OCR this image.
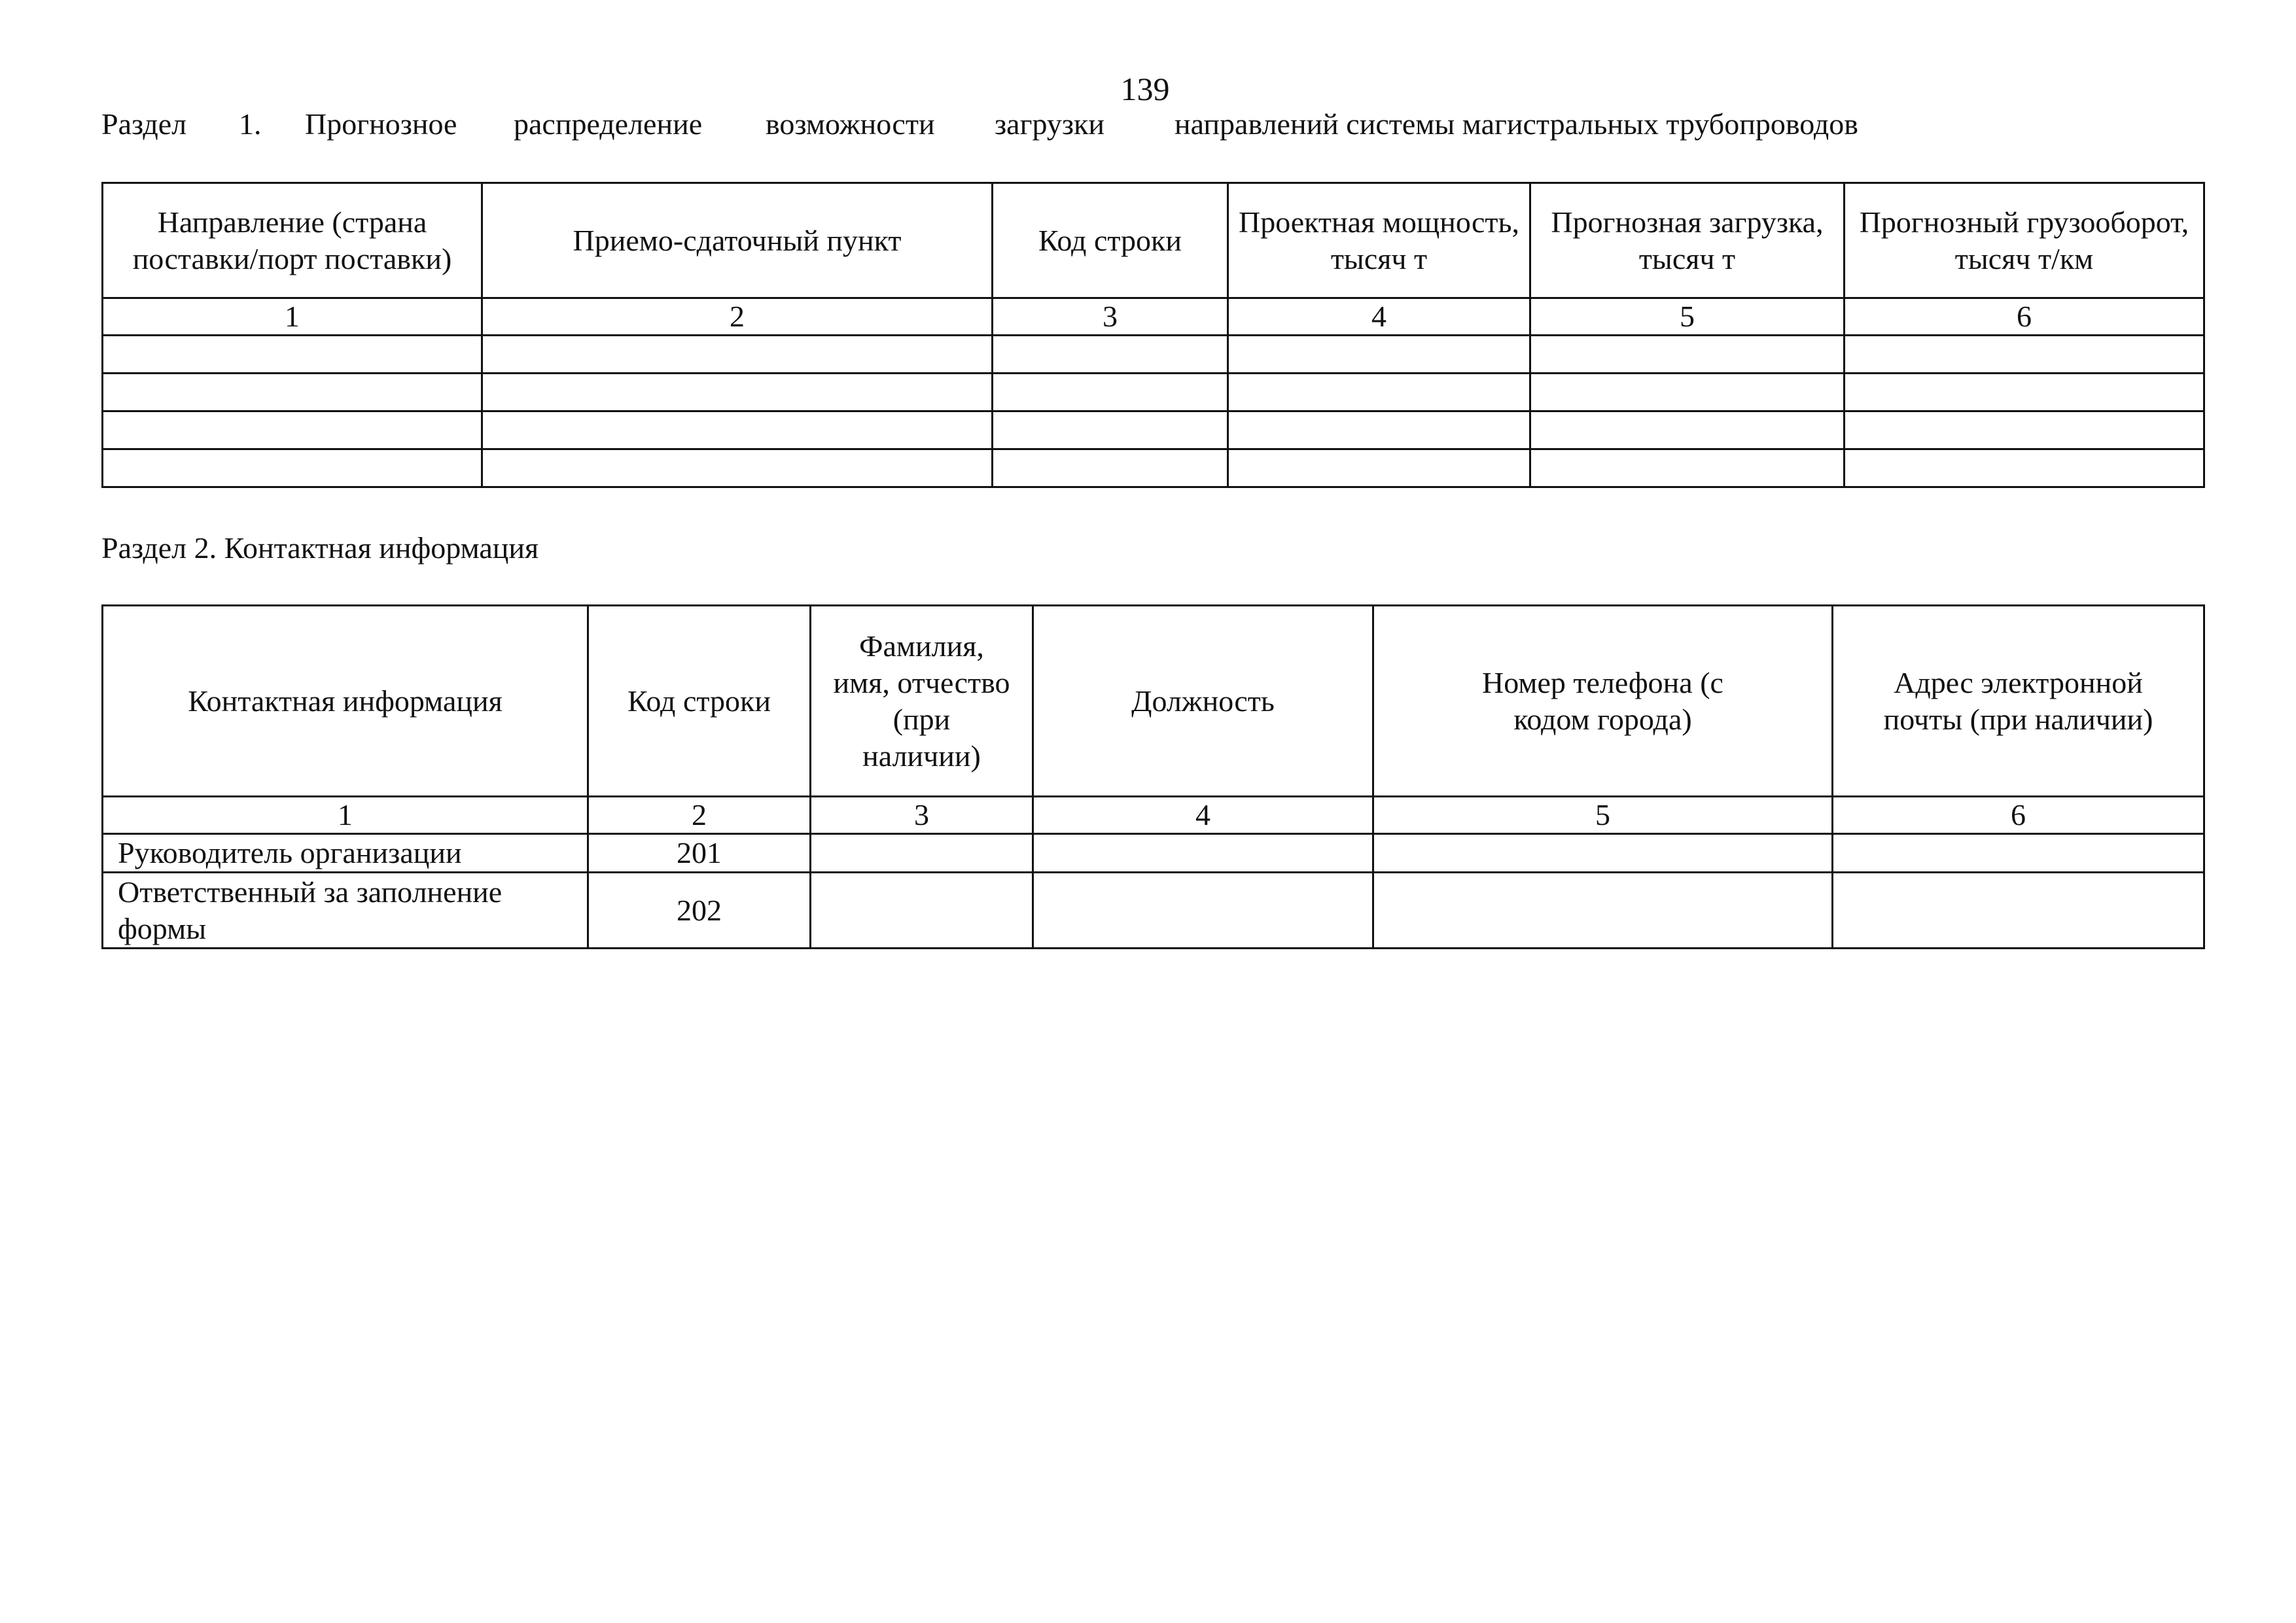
139
Раздел 1. Прогнозное распределение возможности загрузки направлений системы магистральных трубопроводов
Направление (страна поставки/порт поставки)	Приемо-сдаточный пункт	Код строки	Проектная мощность, тысяч т	Прогнозная загрузка, тысяч т	Прогнозный грузооборот, тысяч т/км
1	2	3	4	5	6

Раздел 2. Контактная информация
Контактная информация	Код строки	Фамилия, имя, отчество (при наличии)	Должность	Номер телефона (с кодом города)	Адрес электронной почты (при наличии)
1	2	3	4	5	6
Руководитель организации	201				
Ответственный за заполнение формы	202				
